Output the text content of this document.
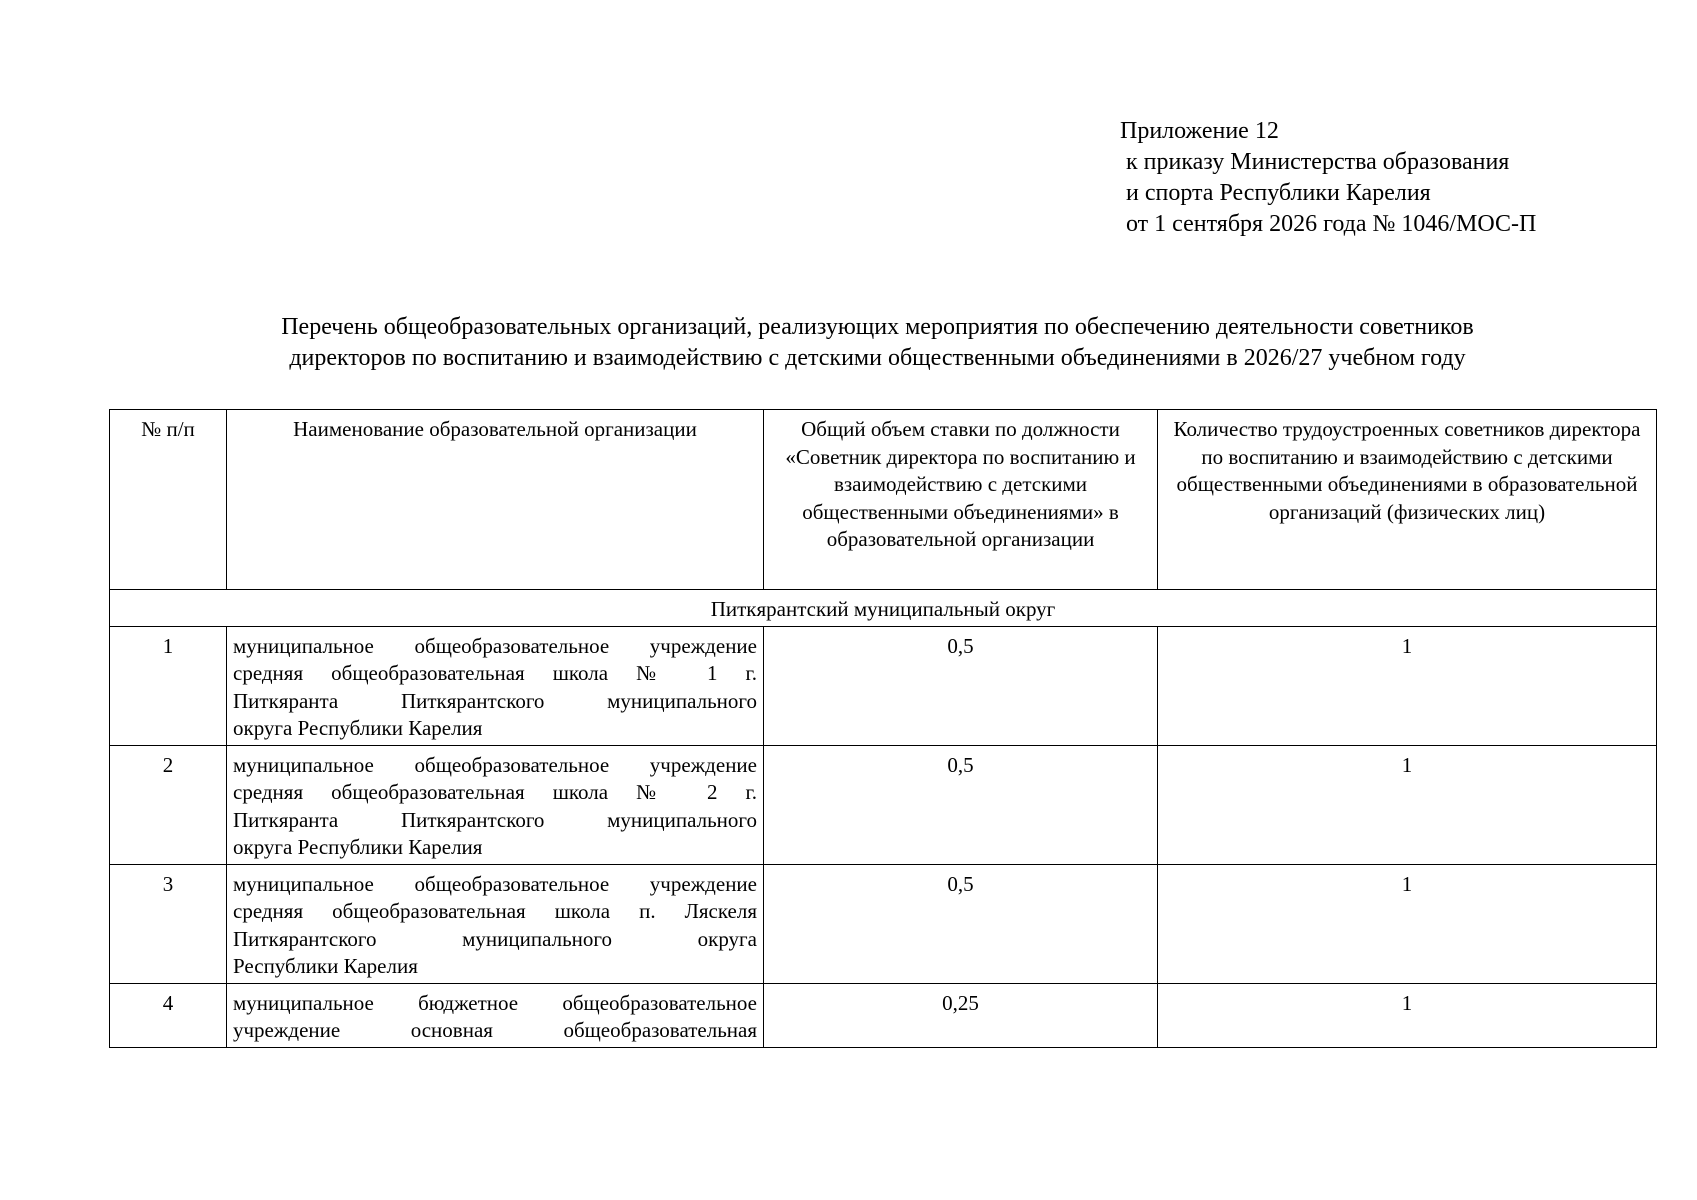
Приложение 12
к приказу Министерства образования
и спорта Республики Карелия
от 1 сентября 2026 года № 1046/МОС-П
Перечень общеобразовательных организаций, реализующих мероприятия по обеспечению деятельности советников
директоров по воспитанию и взаимодействию с детскими общественными объединениями в 2026/27 учебном году
№ п/п	Наименование образовательной организации	Общий объем ставки по должности «Советник директора по воспитанию и взаимодействию с детскими общественными объединениями» в образовательной организации	Количество трудоустроенных советников директора по воспитанию и взаимодействию с детскими общественными объединениями в образовательной организаций (физических лиц)
Питкярантский муниципальный округ			
1	муниципальное общеобразовательное учреждение
средняя общеобразовательная школа № 1 г.
Питкяранта Питкярантского муниципального
округа Республики Карелия	0,5	1
2	муниципальное общеобразовательное учреждение
средняя общеобразовательная школа № 2 г.
Питкяранта Питкярантского муниципального
округа Республики Карелия	0,5	1
3	муниципальное общеобразовательное учреждение
средняя общеобразовательная школа п. Ляскеля
Питкярантского муниципального округа
Республики Карелия	0,5	1
4	муниципальное бюджетное общеобразовательное
учреждение основная общеобразовательная	0,25	1
